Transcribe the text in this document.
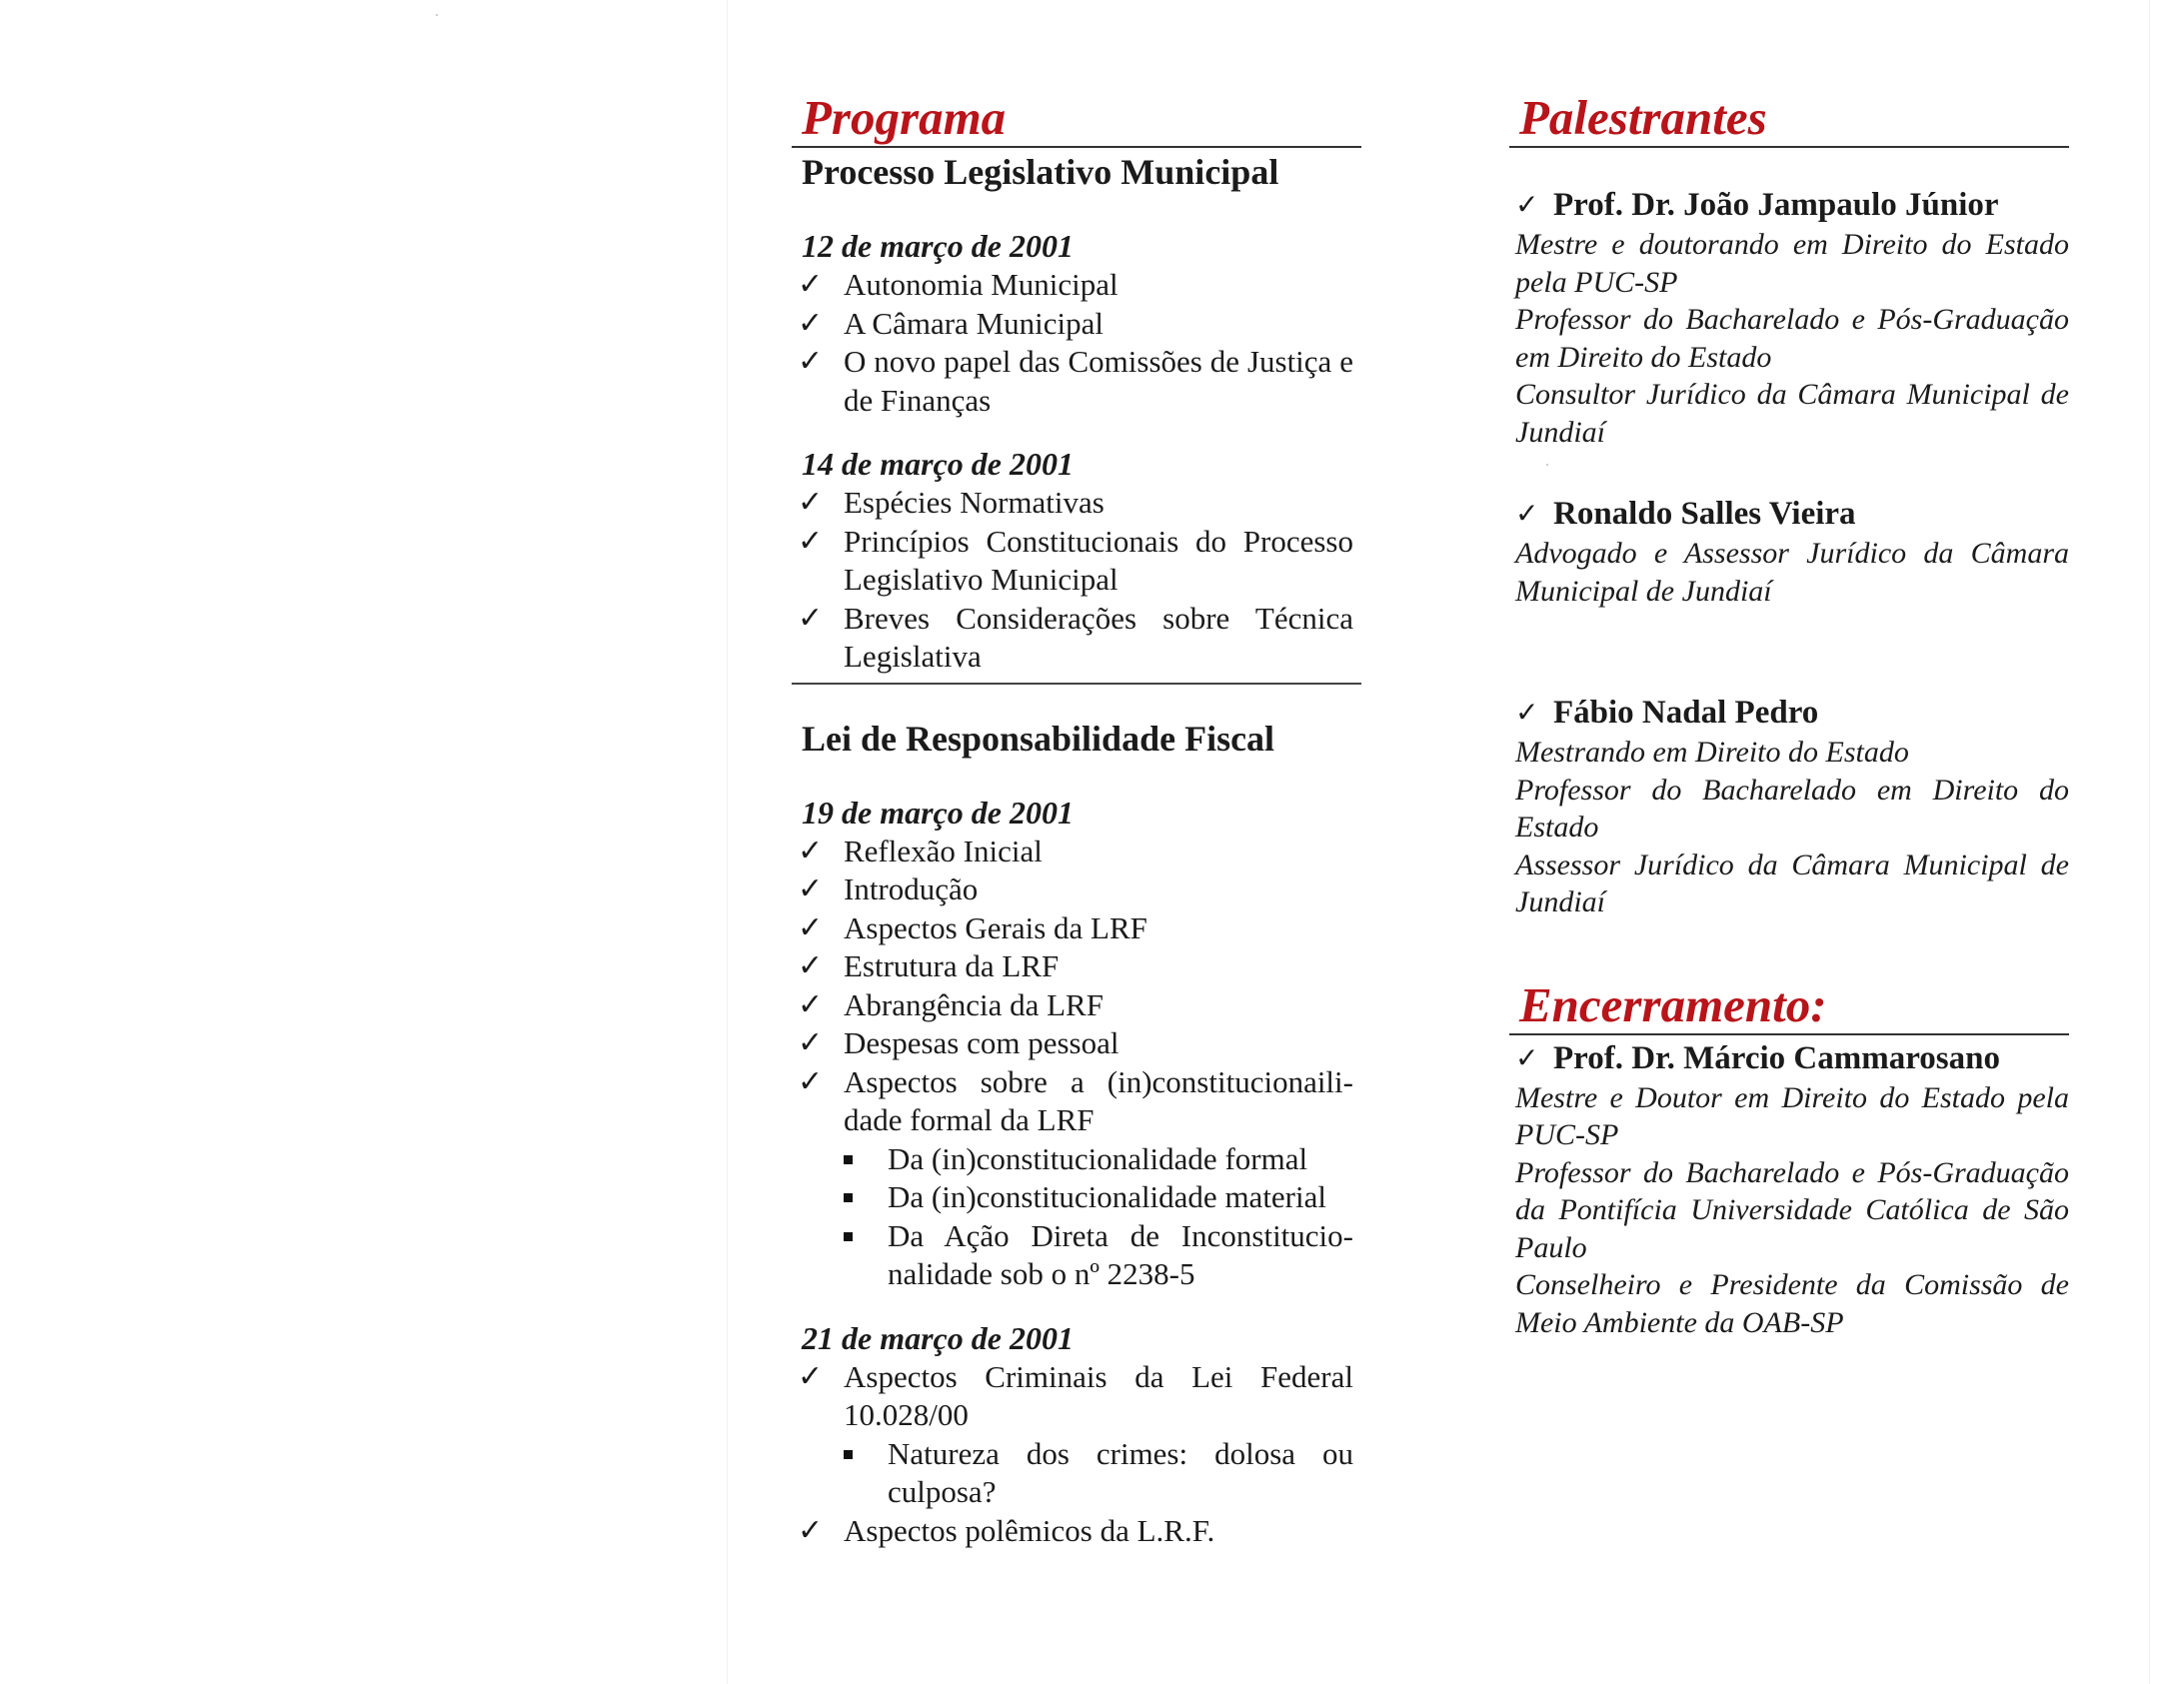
Programa
Processo Legislativo Municipal
12 de março de 2001
✓ Autonomia Municipal
✓ A Câmara Municipal
✓ O novo papel das Comissões de Justiça e de Finanças
14 de março de 2001
✓ Espécies Normativas
✓ Princípios Constitucionais do Processo Legislativo Municipal
✓ Breves Considerações sobre Técnica Legislativa
Lei de Responsabilidade Fiscal
19 de março de 2001
✓ Reflexão Inicial
✓ Introdução
✓ Aspectos Gerais da LRF
✓ Estrutura da LRF
✓ Abrangência da LRF
✓ Despesas com pessoal
✓ Aspectos sobre a (in)constitucionaili-dade formal da LRF
Da (in)constitucionalidade formal
Da (in)constitucionalidade material
Da Ação Direta de Inconstitucio-nalidade sob o nº 2238-5
21 de março de 2001
✓ Aspectos Criminais da Lei Federal 10.028/00
Natureza dos crimes: dolosa ou culposa?
✓ Aspectos polêmicos da L.R.F.
Palestrantes
✓ Prof. Dr. João Jampaulo Júnior
Mestre e doutorando em Direito do Estado pela PUC-SP
Professor do Bacharelado e Pós-Graduação em Direito do Estado
Consultor Jurídico da Câmara Municipal de Jundiaí
✓ Ronaldo Salles Vieira
Advogado e Assessor Jurídico da Câmara Municipal de Jundiaí
✓ Fábio Nadal Pedro
Mestrando em Direito do Estado
Professor do Bacharelado em Direito do Estado
Assessor Jurídico da Câmara Municipal de Jundiaí
Encerramento:
✓ Prof. Dr. Márcio Cammarosano
Mestre e Doutor em Direito do Estado pela PUC-SP
Professor do Bacharelado e Pós-Graduação da Pontifícia Universidade Católica de São Paulo
Conselheiro e Presidente da Comissão de Meio Ambiente da OAB-SP
